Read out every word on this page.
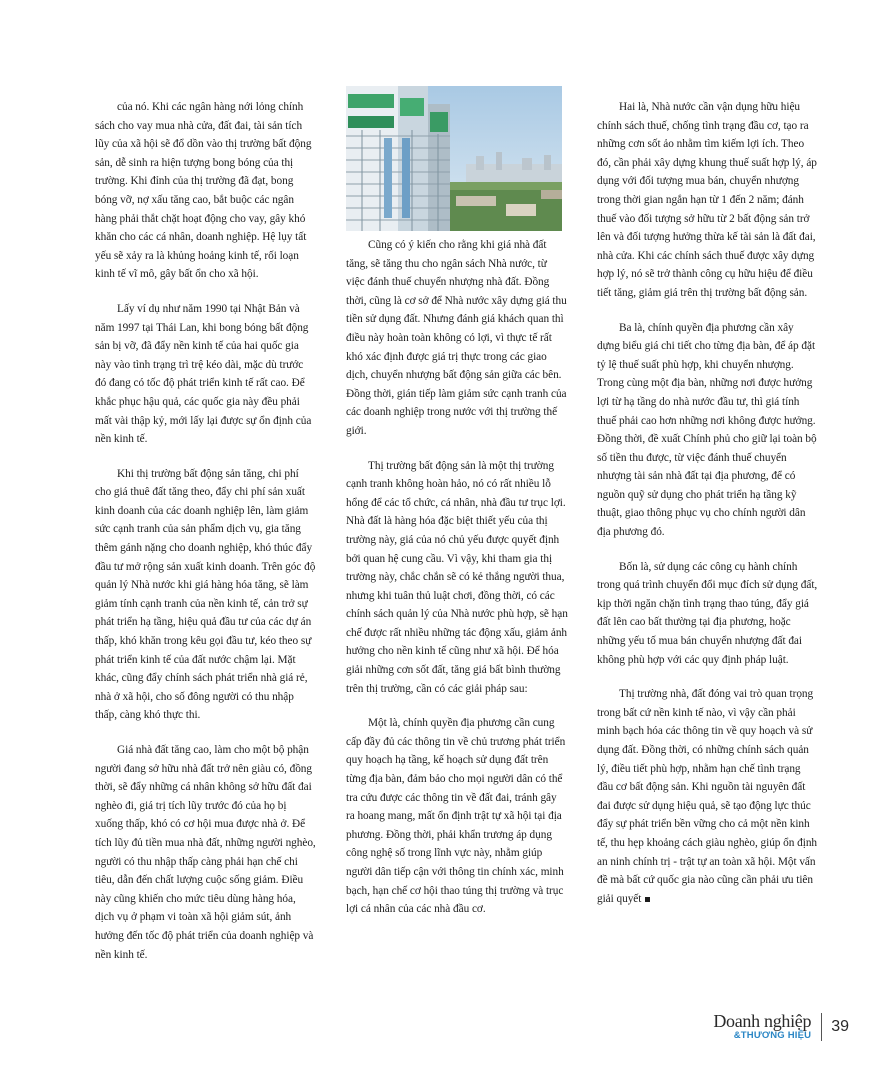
của nó. Khi các ngân hàng nới lỏng chính sách cho vay mua nhà cửa, đất đai, tài sản tích lũy của xã hội sẽ đổ dồn vào thị trường bất động sản, dễ sinh ra hiện tượng bong bóng của thị trường. Khi đỉnh của thị trường đã đạt, bong bóng vỡ, nợ xấu tăng cao, bắt buộc các ngân hàng phải thắt chặt hoạt động cho vay, gây khó khăn cho các cá nhân, doanh nghiệp. Hệ lụy tất yếu sẽ xảy ra là khủng hoảng kinh tế, rối loạn kinh tế vĩ mô, gây bất ổn cho xã hội.

Lấy ví dụ như năm 1990 tại Nhật Bản và năm 1997 tại Thái Lan, khi bong bóng bất động sản bị vỡ, đã đẩy nền kinh tế của hai quốc gia này vào tình trạng trì trệ kéo dài, mặc dù trước đó đang có tốc độ phát triển kinh tế rất cao. Để khắc phục hậu quả, các quốc gia này đều phải mất vài thập kỷ, mới lấy lại được sự ổn định của nền kinh tế.

Khi thị trường bất động sản tăng, chi phí cho giá thuê đất tăng theo, đẩy chi phí sản xuất kinh doanh của các doanh nghiệp lên, làm giảm sức cạnh tranh của sản phẩm dịch vụ, gia tăng thêm gánh nặng cho doanh nghiệp, khó thúc đẩy đầu tư mở rộng sản xuất kinh doanh. Trên góc độ quản lý Nhà nước khi giá hàng hóa tăng, sẽ làm giảm tính cạnh tranh của nền kinh tế, cản trở sự phát triển hạ tầng, hiệu quả đầu tư của các dự án thấp, khó khăn trong kêu gọi đầu tư, kéo theo sự phát triển kinh tế của đất nước chậm lại. Mặt khác, cũng đẩy chính sách phát triển nhà giá rẻ, nhà ở xã hội, cho số đông người có thu nhập thấp, càng khó thực thi.

Giá nhà đất tăng cao, làm cho một bộ phận người đang sở hữu nhà đất trở nên giàu có, đồng thời, sẽ đẩy những cá nhân không sở hữu đất đai nghèo đi, giá trị tích lũy trước đó của họ bị xuống thấp, khó có cơ hội mua được nhà ở. Để tích lũy đủ tiền mua nhà đất, những người nghèo, người có thu nhập thấp càng phải hạn chế chi tiêu, dẫn đến chất lượng cuộc sống giảm. Điều này cũng khiến cho mức tiêu dùng hàng hóa, dịch vụ ở phạm vi toàn xã hội giảm sút, ảnh hưởng đến tốc độ phát triển của doanh nghiệp và nền kinh tế.

Cũng có ý kiến cho rằng khi giá nhà đất tăng, sẽ tăng thu cho ngân sách Nhà nước, từ việc đánh thuế chuyển nhượng nhà đất. Đồng thời, cũng là cơ sở để Nhà nước xây dựng giá thu tiền sử dụng đất. Nhưng đánh giá khách quan thì điều này hoàn toàn không có lợi, vì thực tế rất khó xác định được giá trị thực trong các giao dịch, chuyển nhượng bất động sản giữa các bên. Đồng thời, gián tiếp làm giảm sức cạnh tranh của các doanh nghiệp trong nước với thị trường thế giới.

Thị trường bất động sản là một thị trường cạnh tranh không hoàn hảo, nó có rất nhiều lỗ hổng để các tổ chức, cá nhân, nhà đầu tư trục lợi. Nhà đất là hàng hóa đặc biệt thiết yếu của thị trường này, giá của nó chủ yếu được quyết định bởi quan hệ cung cầu. Vì vậy, khi tham gia thị trường này, chắc chắn sẽ có kẻ thắng người thua, nhưng khi tuân thủ luật chơi, đồng thời, có các chính sách quản lý của Nhà nước phù hợp, sẽ hạn chế được rất nhiều những tác động xấu, giảm ảnh hưởng cho nền kinh tế cũng như xã hội. Để hóa giải những cơn sốt đất, tăng giá bất bình thường trên thị trường, cần có các giải pháp sau:

Một là, chính quyền địa phương cần cung cấp đầy đủ các thông tin về chủ trương phát triển quy hoạch hạ tầng, kế hoạch sử dụng đất trên từng địa bàn, đảm bảo cho mọi người dân có thể tra cứu được các thông tin về đất đai, tránh gây ra hoang mang, mất ổn định trật tự xã hội tại địa phương. Đồng thời, phải khẩn trương áp dụng công nghệ số trong lĩnh vực này, nhằm giúp người dân tiếp cận với thông tin chính xác, minh bạch, hạn chế cơ hội thao túng thị trường và trục lợi cá nhân của các nhà đầu cơ.

Hai là, Nhà nước cần vận dụng hữu hiệu chính sách thuế, chống tình trạng đầu cơ, tạo ra những cơn sốt ảo nhằm tìm kiếm lợi ích. Theo đó, cần phải xây dựng khung thuế suất hợp lý, áp dụng với đối tượng mua bán, chuyển nhượng trong thời gian ngắn hạn từ 1 đến 2 năm; đánh thuế vào đối tượng sở hữu từ 2 bất động sản trở lên và đối tượng hưởng thừa kế tài sản là đất đai, nhà cửa. Khi các chính sách thuế được xây dựng hợp lý, nó sẽ trở thành công cụ hữu hiệu để điều tiết tăng, giảm giá trên thị trường bất động sản.

Ba là, chính quyền địa phương cần xây dựng biểu giá chi tiết cho từng địa bàn, để áp đặt tỷ lệ thuế suất phù hợp, khi chuyển nhượng. Trong cùng một địa bàn, những nơi được hưởng lợi từ hạ tầng do nhà nước đầu tư, thì giá tính thuế phải cao hơn những nơi không được hưởng. Đồng thời, đề xuất Chính phủ cho giữ lại toàn bộ số tiền thu được, từ việc đánh thuế chuyển nhượng tài sản nhà đất tại địa phương, để có nguồn quỹ sử dụng cho phát triển hạ tầng kỹ thuật, giao thông phục vụ cho chính người dân địa phương đó.

Bốn là, sử dụng các công cụ hành chính trong quá trình chuyển đổi mục đích sử dụng đất, kịp thời ngăn chặn tình trạng thao túng, đẩy giá đất lên cao bất thường tại địa phương, hoặc những yếu tố mua bán chuyển nhượng đất đai không phù hợp với các quy định pháp luật.

Thị trường nhà, đất đóng vai trò quan trọng trong bất cứ nền kinh tế nào, vì vậy cần phải minh bạch hóa các thông tin về quy hoạch và sử dụng đất. Đồng thời, có những chính sách quản lý, điều tiết phù hợp, nhằm hạn chế tình trạng đầu cơ bất động sản. Khi nguồn tài nguyên đất đai được sử dụng hiệu quả, sẽ tạo động lực thúc đẩy sự phát triển bền vững cho cả một nền kinh tế, thu hẹp khoảng cách giàu nghèo, giúp ổn định an ninh chính trị - trật tự an toàn xã hội. Một vấn đề mà bất cứ quốc gia nào cũng cần phải ưu tiên giải quyết

Doanh nghiệp
&THƯƠNG HIỆU
39
